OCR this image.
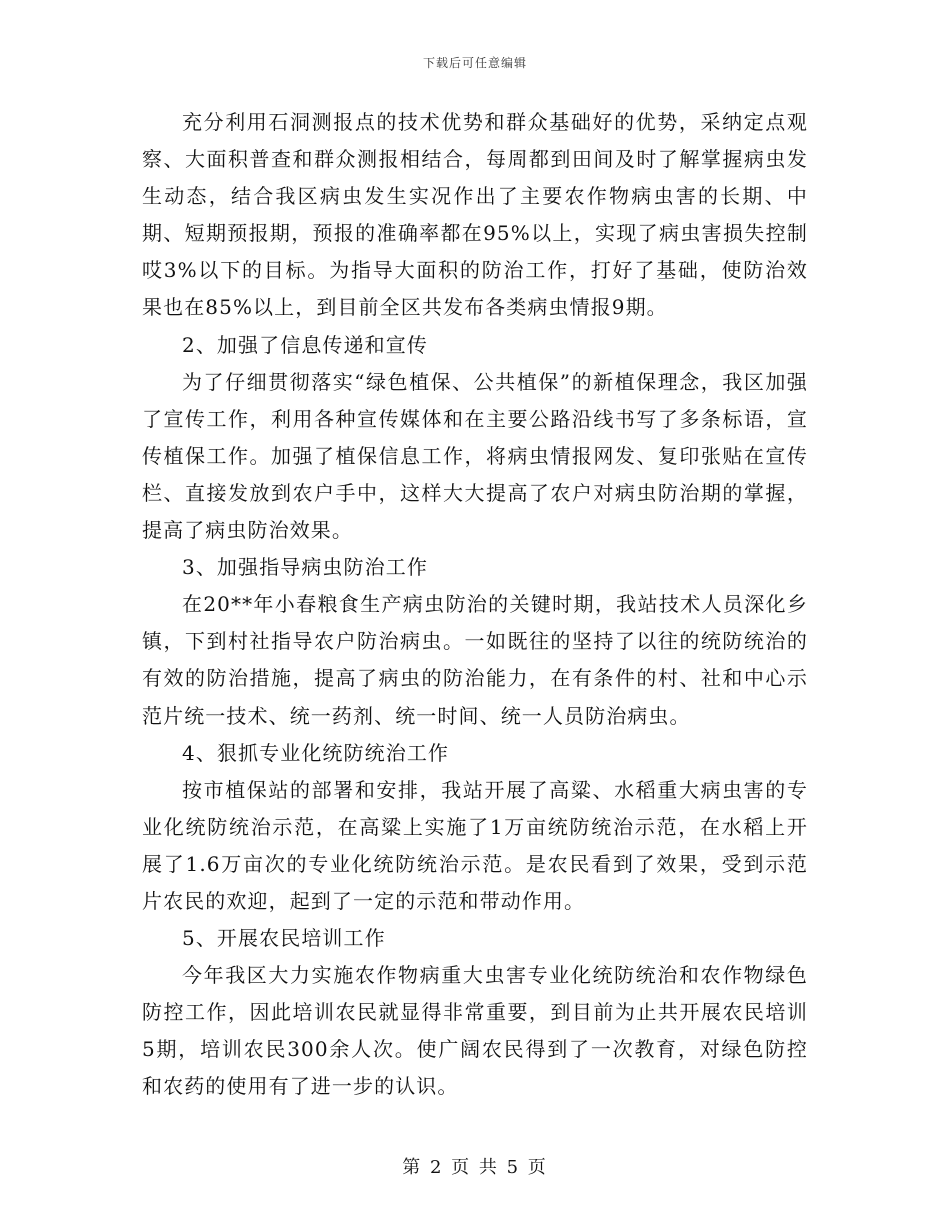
下载后可任意编辑

充分利用石洞测报点的技术优势和群众基础好的优势，采纳定点观察、大面积普查和群众测报相结合，每周都到田间及时了解掌握病虫发生动态，结合我区病虫发生实况作出了主要农作物病虫害的长期、中期、短期预报期，预报的准确率都在95%以上，实现了病虫害损失控制哎3%以下的目标。为指导大面积的防治工作，打好了基础，使防治效果也在85%以上，到目前全区共发布各类病虫情报9期。

2、加强了信息传递和宣传

为了仔细贯彻落实“绿色植保、公共植保”的新植保理念，我区加强了宣传工作，利用各种宣传媒体和在主要公路沿线书写了多条标语，宣传植保工作。加强了植保信息工作，将病虫情报网发、复印张贴在宣传栏、直接发放到农户手中，这样大大提高了农户对病虫防治期的掌握，提高了病虫防治效果。

3、加强指导病虫防治工作

在20**年小春粮食生产病虫防治的关键时期，我站技术人员深化乡镇，下到村社指导农户防治病虫。一如既往的坚持了以往的统防统治的有效的防治措施，提高了病虫的防治能力，在有条件的村、社和中心示范片统一技术、统一药剂、统一时间、统一人员防治病虫。

4、狠抓专业化统防统治工作

按市植保站的部署和安排，我站开展了高粱、水稻重大病虫害的专业化统防统治示范，在高粱上实施了1万亩统防统治示范，在水稻上开展了1.6万亩次的专业化统防统治示范。是农民看到了效果，受到示范片农民的欢迎，起到了一定的示范和带动作用。

5、开展农民培训工作

今年我区大力实施农作物病重大虫害专业化统防统治和农作物绿色防控工作，因此培训农民就显得非常重要，到目前为止共开展农民培训5期，培训农民300余人次。使广阔农民得到了一次教育，对绿色防控和农药的使用有了进一步的认识。

第 2 页 共 5 页
